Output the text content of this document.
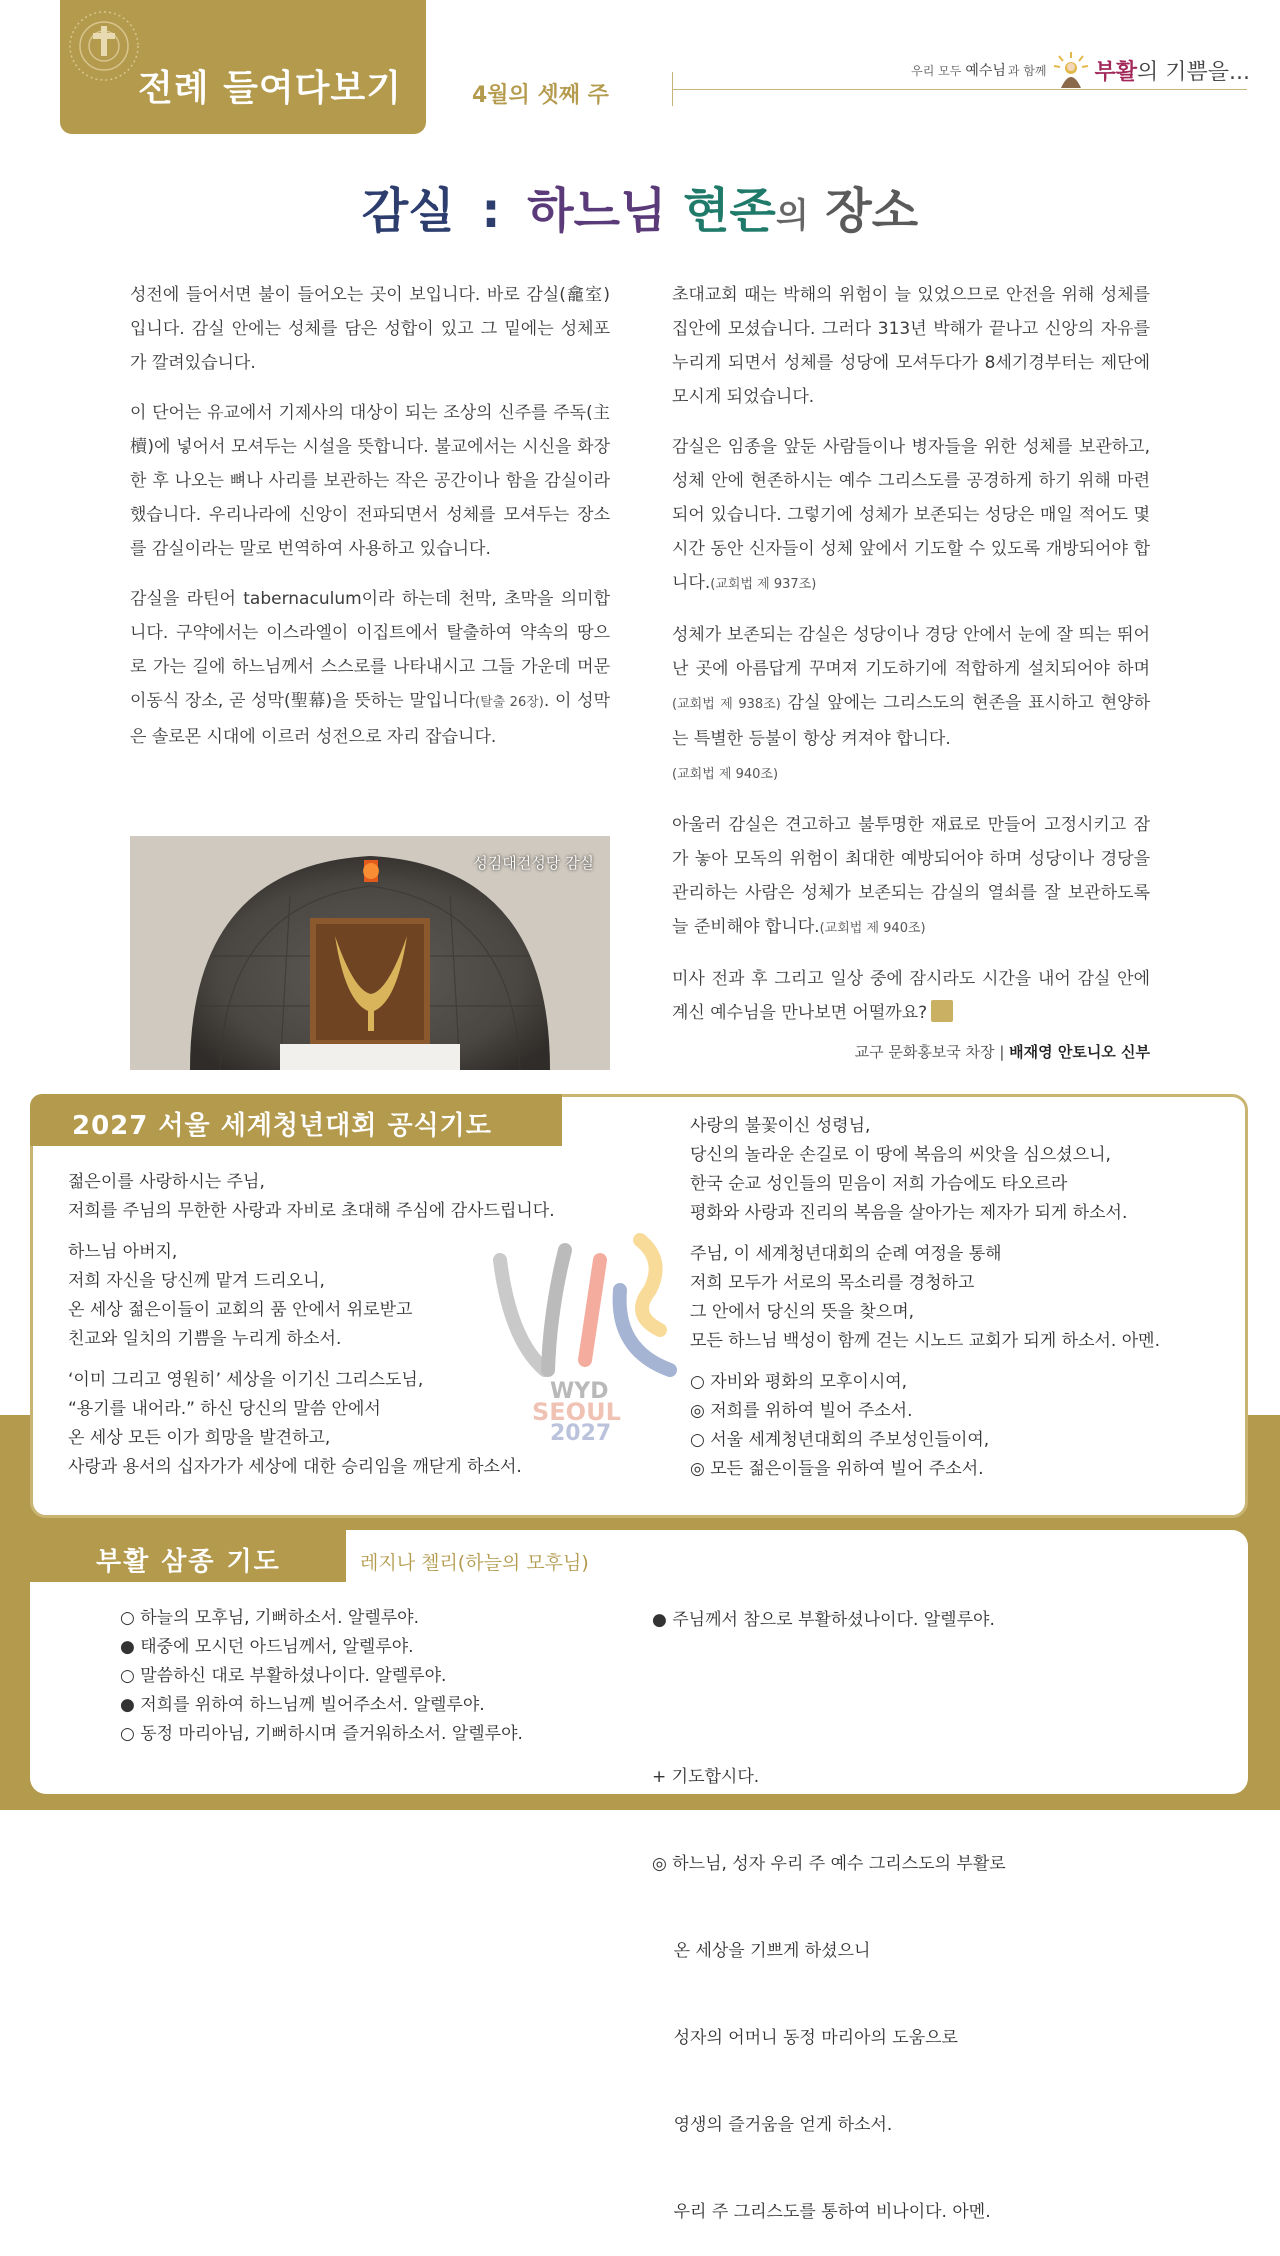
전례 들여다보기	4월의 셋째 주
우리 모두 예수님 과 함께 부활 의 기쁨을...
감실 : 하느님 현존의 장소

성전에 들어서면 불이 들어오는 곳이 보입니다. 바로 감실(龕室)입니다. 감실 안에는 성체를 담은 성합이 있고 그 밑에는 성체포가 깔려있습니다.

이 단어는 유교에서 기제사의 대상이 되는 조상의 신주를 주독(主櫝)에 넣어서 모셔두는 시설을 뜻합니다. 불교에서는 시신을 화장한 후 나오는 뼈나 사리를 보관하는 작은 공간이나 함을 감실이라 했습니다. 우리나라에 신앙이 전파되면서 성체를 모셔두는 장소를 감실이라는 말로 번역하여 사용하고 있습니다.

감실을 라틴어 tabernaculum이라 하는데 천막, 초막을 의미합니다. 구약에서는 이스라엘이 이집트에서 탈출하여 약속의 땅으로 가는 길에 하느님께서 스스로를 나타내시고 그들 가운데 머문 이동식 장소, 곧 성막(聖幕)을 뜻하는 말입니다(탈출 26장). 이 성막은 솔로몬 시대에 이르러 성전으로 자리 잡습니다.

성김대건성당 감실

초대교회 때는 박해의 위험이 늘 있었으므로 안전을 위해 성체를 집안에 모셨습니다. 그러다 313년 박해가 끝나고 신앙의 자유를 누리게 되면서 성체를 성당에 모셔두다가 8세기경부터는 제단에 모시게 되었습니다.

감실은 임종을 앞둔 사람들이나 병자들을 위한 성체를 보관하고, 성체 안에 현존하시는 예수 그리스도를 공경하게 하기 위해 마련되어 있습니다. 그렇기에 성체가 보존되는 성당은 매일 적어도 몇 시간 동안 신자들이 성체 앞에서 기도할 수 있도록 개방되어야 합니다.(교회법 제 937조)

성체가 보존되는 감실은 성당이나 경당 안에서 눈에 잘 띄는 뛰어난 곳에 아름답게 꾸며져 기도하기에 적합하게 설치되어야 하며(교회법 제 938조) 감실 앞에는 그리스도의 현존을 표시하고 현양하는 특별한 등불이 항상 켜져야 합니다.
(교회법 제 940조)

아울러 감실은 견고하고 불투명한 재료로 만들어 고정시키고 잠가 놓아 모독의 위험이 최대한 예방되어야 하며 성당이나 경당을 관리하는 사람은 성체가 보존되는 감실의 열쇠를 잘 보관하도록 늘 준비해야 합니다.(교회법 제 940조)

미사 전과 후 그리고 일상 중에 잠시라도 시간을 내어 감실 안에 계신 예수님을 만나보면 어떨까요?

교구 문화홍보국 차장 | 배재영 안토니오 신부
2027 서울 세계청년대회 공식기도
WYD
SEOUL
2027

젊은이를 사랑하시는 주님,
저희를 주님의 무한한 사랑과 자비로 초대해 주심에 감사드립니다.

하느님 아버지,
저희 자신을 당신께 맡겨 드리오니,
온 세상 젊은이들이 교회의 품 안에서 위로받고
친교와 일치의 기쁨을 누리게 하소서.

‘이미 그리고 영원히’ 세상을 이기신 그리스도님,
“용기를 내어라.” 하신 당신의 말씀 안에서
온 세상 모든 이가 희망을 발견하고,
사랑과 용서의 십자가가 세상에 대한 승리임을 깨닫게 하소서.

사랑의 불꽃이신 성령님,
당신의 놀라운 손길로 이 땅에 복음의 씨앗을 심으셨으니,
한국 순교 성인들의 믿음이 저희 가슴에도 타오르라
평화와 사랑과 진리의 복음을 살아가는 제자가 되게 하소서.

주님, 이 세계청년대회의 순례 여정을 통해
저희 모두가 서로의 목소리를 경청하고
그 안에서 당신의 뜻을 찾으며,
모든 하느님 백성이 함께 걷는 시노드 교회가 되게 하소서. 아멘.

○ 자비와 평화의 모후이시여,
◎ 저희를 위하여 빌어 주소서.
○ 서울 세계청년대회의 주보성인들이여,
◎ 모든 젊은이들을 위하여 빌어 주소서.

부활 삼종 기도	레지나 첼리(하늘의 모후님)
○ 하늘의 모후님, 기뻐하소서. 알렐루야.
● 태중에 모시던 아드님께서, 알렐루야.
○ 말씀하신 대로 부활하셨나이다. 알렐루야.
● 저희를 위하여 하느님께 빌어주소서. 알렐루야.
○ 동정 마리아님, 기뻐하시며 즐거워하소서. 알렐루야.

● 주님께서 참으로 부활하셨나이다. 알렐루야.

+ 기도합시다.

◎ 하느님, 성자 우리 주 예수 그리스도의 부활로

온 세상을 기쁘게 하셨으니

성자의 어머니 동정 마리아의 도움으로

영생의 즐거움을 얻게 하소서.

우리 주 그리스도를 통하여 비나이다. 아멘.
